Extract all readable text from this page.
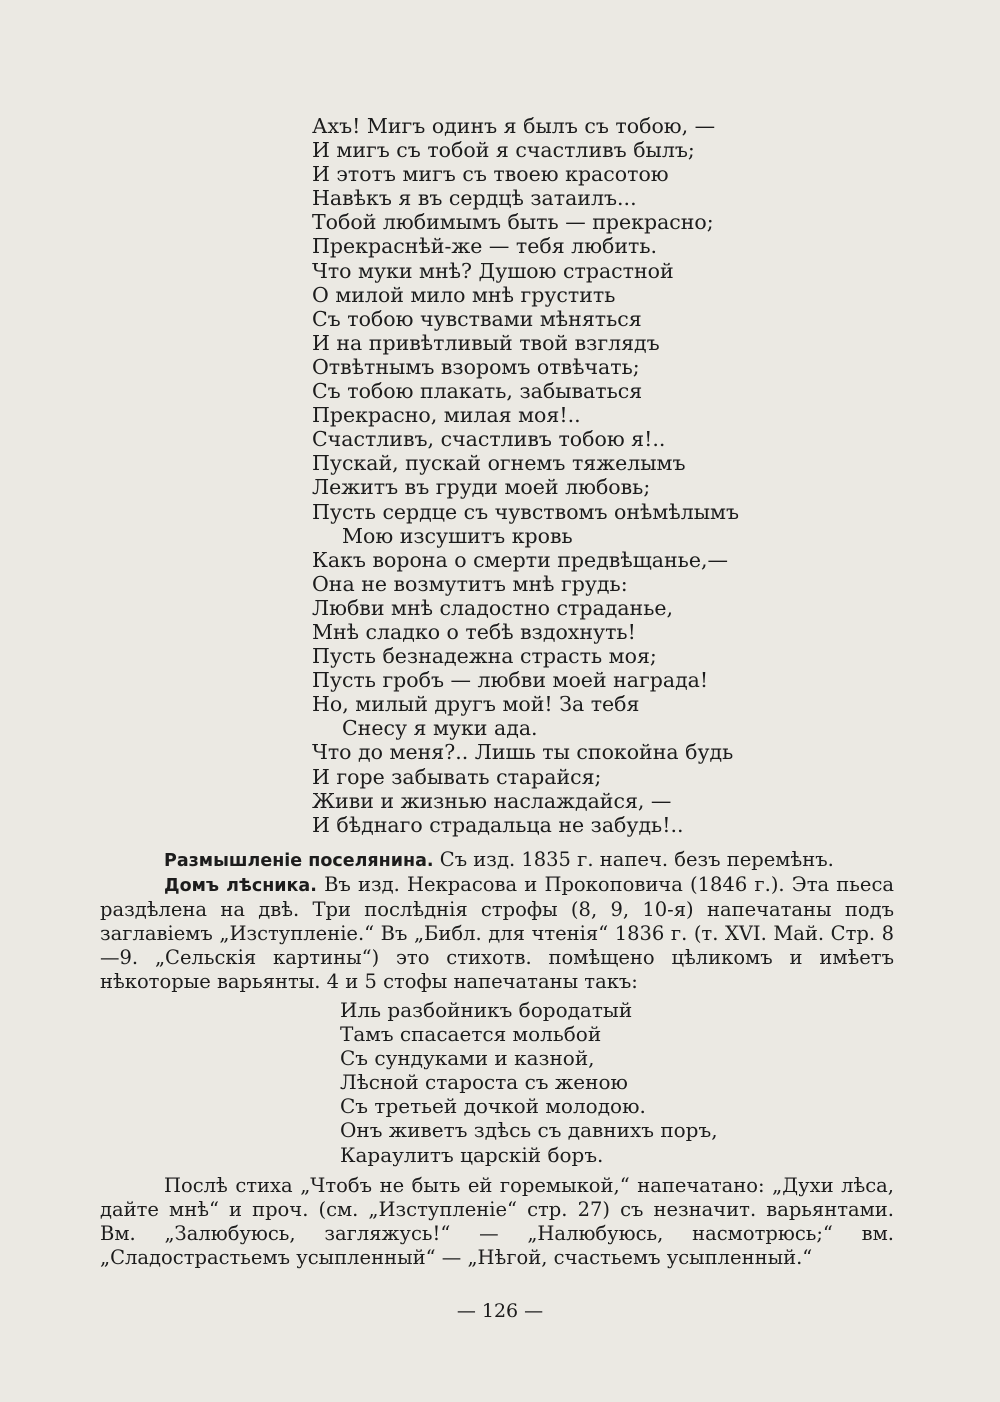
Ахъ! Мигъ одинъ я былъ съ тобою, —
И мигъ съ тобой я счастливъ былъ;
И этотъ мигъ съ твоею красотою
Навѣкъ я въ сердцѣ затаилъ...
Тобой любимымъ быть — прекрасно;
Прекраснѣй-же — тебя любить.
Что муки мнѣ? Душою страстной
О милой мило мнѣ грустить
Съ тобою чувствами мѣняться
И на привѣтливый твой взглядъ
Отвѣтнымъ взоромъ отвѣчать;
Съ тобою плакать, забываться
Прекрасно, милая моя!..
Счастливъ, счастливъ тобою я!..
Пускай, пускай огнемъ тяжелымъ
Лежитъ въ груди моей любовь;
Пусть сердце съ чувствомъ онѣмѣлымъ
Мою изсушитъ кровь
Какъ ворона о смерти предвѣщанье,—
Она не возмутитъ мнѣ грудь:
Любви мнѣ сладостно страданье,
Мнѣ сладко о тебѣ вздохнуть!
Пусть безнадежна страсть моя;
Пусть гробъ — любви моей награда!
Но, милый другъ мой! За тебя
Снесу я муки ада.
Что до меня?.. Лишь ты спокойна будь
И горе забывать старайся;
Живи и жизнью наслаждайся, —
И бѣднаго страдальца не забудь!..

Размышленіе поселянина. Съ изд. 1835 г. напеч. безъ перемѣнъ.

Домъ лѣсника. Въ изд. Некрасова и Прокоповича (1846 г.). Эта пьеса раздѣлена на двѣ. Три послѣднія строфы (8, 9, 10-я) напечатаны подъ заглавіемъ „Изступленіе.“ Въ „Библ. для чтенія“ 1836 г. (т. XVI. Май. Стр. 8—9. „Сельскія картины“) это стихотв. помѣщено цѣликомъ и имѣетъ нѣкоторые варьянты. 4 и 5 стофы напечатаны такъ:

Иль разбойникъ бородатый
Тамъ спасается мольбой
Съ сундуками и казной,
Лѣсной староста съ женою
Съ третьей дочкой молодою.
Онъ живетъ здѣсь съ давнихъ поръ,
Караулитъ царскій боръ.

Послѣ стиха „Чтобъ не быть ей горемыкой,“ напечатано: „Духи лѣса, дайте мнѣ“ и проч. (см. „Изступленіе“ стр. 27) съ незначит. варьянтами. Вм. „Залюбуюсь, загляжусь!“ — „Налюбуюсь, насмотрюсь;“ вм. „Сладострастьемъ усыпленный“ — „Нѣгой, счастьемъ усыпленный.“

— 126 —
